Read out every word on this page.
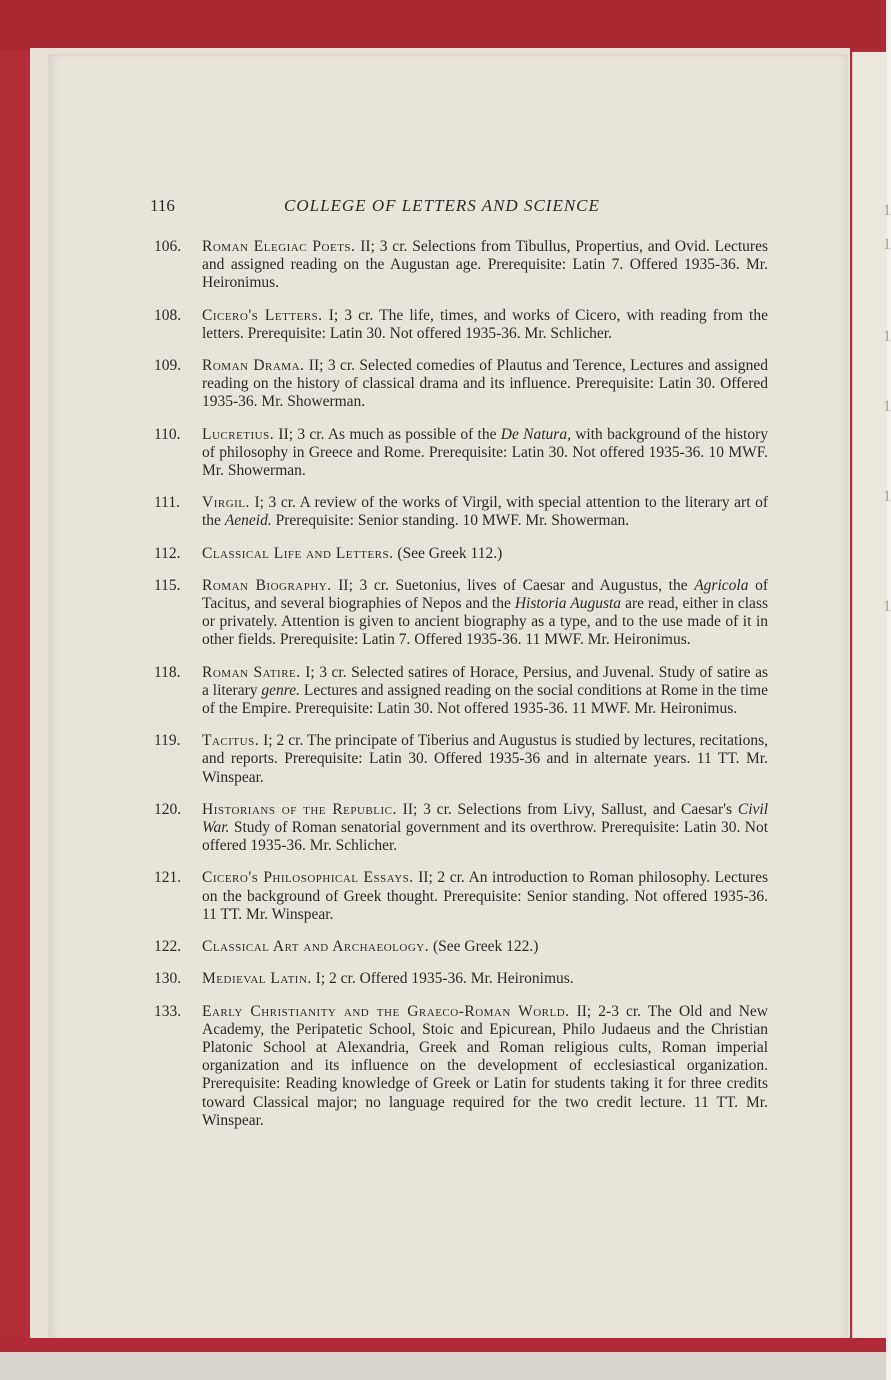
1
1
1
1
1
1
116	COLLEGE OF LETTERS AND SCIENCE
106. Roman Elegiac Poets. II; 3 cr. Selections from Tibullus, Propertius, and Ovid. Lectures and assigned reading on the Augustan age. Prerequisite: Latin 7. Offered 1935-36. Mr. Heironimus.
108. Cicero's Letters. I; 3 cr. The life, times, and works of Cicero, with reading from the letters. Prerequisite: Latin 30. Not offered 1935-36. Mr. Schlicher.
109. Roman Drama. II; 3 cr. Selected comedies of Plautus and Terence, Lectures and assigned reading on the history of classical drama and its influence. Prerequisite: Latin 30. Offered 1935-36. Mr. Showerman.
110. Lucretius. II; 3 cr. As much as possible of the De Natura, with background of the history of philosophy in Greece and Rome. Prerequisite: Latin 30. Not offered 1935-36. 10 MWF. Mr. Showerman.
111. Virgil. I; 3 cr. A review of the works of Virgil, with special attention to the literary art of the Aeneid. Prerequisite: Senior standing. 10 MWF. Mr. Showerman.
112. Classical Life and Letters. (See Greek 112.)
115. Roman Biography. II; 3 cr. Suetonius, lives of Caesar and Augustus, the Agricola of Tacitus, and several biographies of Nepos and the Historia Augusta are read, either in class or privately. Attention is given to ancient biography as a type, and to the use made of it in other fields. Prerequisite: Latin 7. Offered 1935-36. 11 MWF. Mr. Heironimus.
118. Roman Satire. I; 3 cr. Selected satires of Horace, Persius, and Juvenal. Study of satire as a literary genre. Lectures and assigned reading on the social conditions at Rome in the time of the Empire. Prerequisite: Latin 30. Not offered 1935-36. 11 MWF. Mr. Heironimus.
119. Tacitus. I; 2 cr. The principate of Tiberius and Augustus is studied by lectures, recitations, and reports. Prerequisite: Latin 30. Offered 1935-36 and in alternate years. 11 TT. Mr. Winspear.
120. Historians of the Republic. II; 3 cr. Selections from Livy, Sallust, and Caesar's Civil War. Study of Roman senatorial government and its overthrow. Prerequisite: Latin 30. Not offered 1935-36. Mr. Schlicher.
121. Cicero's Philosophical Essays. II; 2 cr. An introduction to Roman philosophy. Lectures on the background of Greek thought. Prerequisite: Senior standing. Not offered 1935-36. 11 TT. Mr. Winspear.
122. Classical Art and Archaeology. (See Greek 122.)
130. Medieval Latin. I; 2 cr. Offered 1935-36. Mr. Heironimus.
133. Early Christianity and the Graeco-Roman World. II; 2-3 cr. The Old and New Academy, the Peripatetic School, Stoic and Epicurean, Philo Judaeus and the Christian Platonic School at Alexandria, Greek and Roman religious cults, Roman imperial organization and its influence on the development of ecclesiastical organization. Prerequisite: Reading knowledge of Greek or Latin for students taking it for three credits toward Classical major; no language required for the two credit lecture. 11 TT. Mr. Winspear.
